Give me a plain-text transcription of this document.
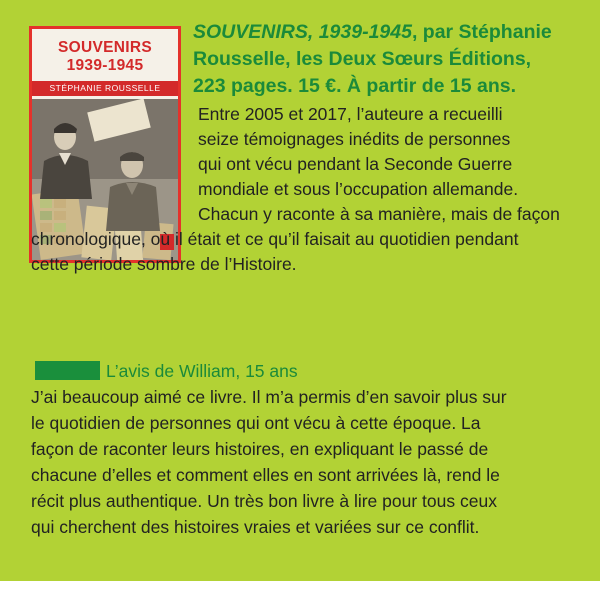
SOUVENIRS
1939-1945
STÉPHANIE ROUSSELLE
SOUVENIRS, 1939-1945, par Stéphanie
Rousselle, les Deux Sœurs Éditions,
223 pages. 15 €. À partir de 15 ans.
Entre 2005 et 2017, l’auteure a recueilli
seize témoignages inédits de personnes
qui ont vécu pendant la Seconde Guerre
mondiale et sous l’occupation allemande.
Chacun y raconte à sa manière, mais de façon
chronologique, où il était et ce qu’il faisait au quotidien pendant
cette période sombre de l’Histoire.
L’avis de William, 15 ans
J’ai beaucoup aimé ce livre. Il m’a permis d’en savoir plus sur
le quotidien de personnes qui ont vécu à cette époque. La
façon de raconter leurs histoires, en expliquant le passé de
chacune d’elles et comment elles en sont arrivées là, rend le
récit plus authentique. Un très bon livre à lire pour tous ceux
qui cherchent des histoires vraies et variées sur ce conflit.
